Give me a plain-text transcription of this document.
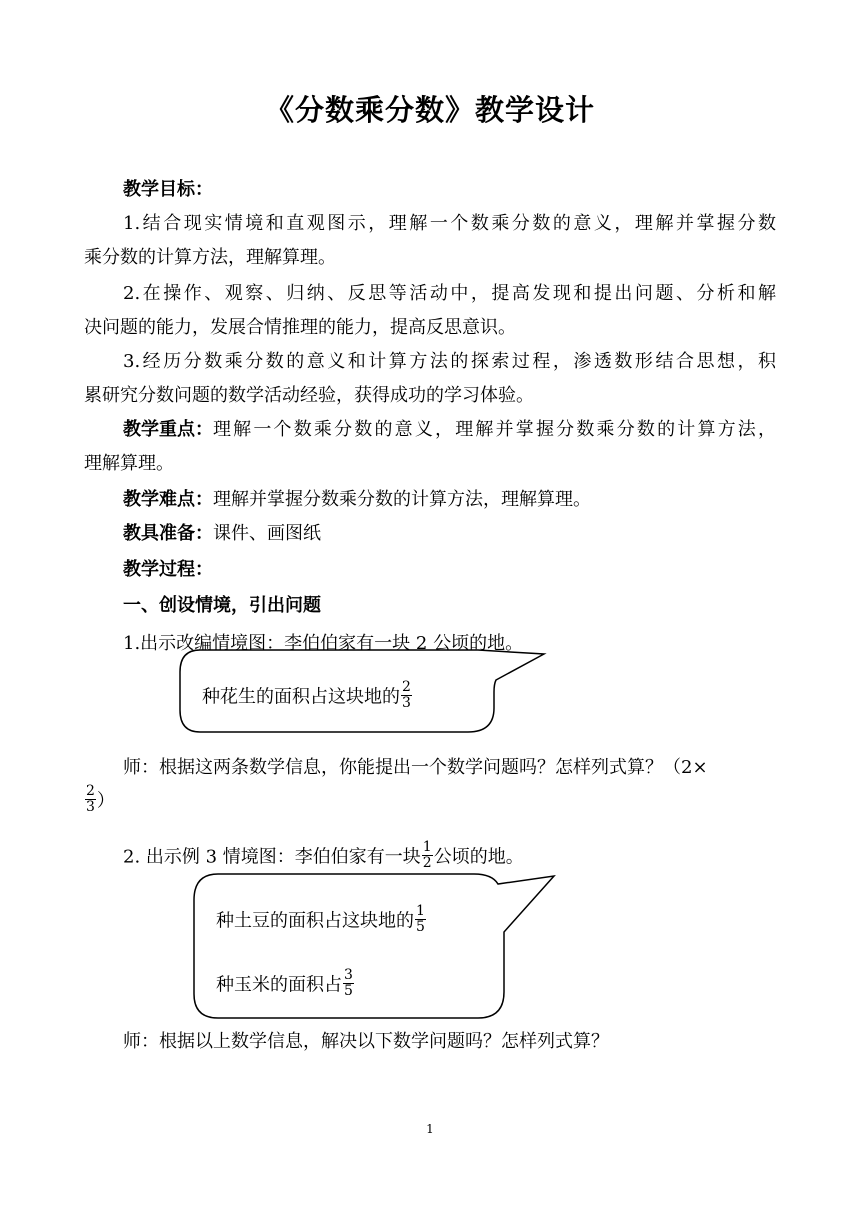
《分数乘分数》教学设计
教学目标：
1.结合现实情境和直观图示，理解一个数乘分数的意义，理解并掌握分数
乘分数的计算方法，理解算理。
2.在操作、观察、归纳、反思等活动中，提高发现和提出问题、分析和解
决问题的能力，发展合情推理的能力，提高反思意识。
3.经历分数乘分数的意义和计算方法的探索过程，渗透数形结合思想，积
累研究分数问题的数学活动经验，获得成功的学习体验。
教学重点： 理解一个数乘分数的意义，理解并掌握分数乘分数的计算方法，
理解算理。
教学难点：理解并掌握分数乘分数的计算方法，理解算理。
教具准备：课件、画图纸
教学过程：
一、创设情境，引出问题
1.出示改编情境图：李伯伯家有一块 2 公顷的地。
种花生的面积占这块地的 $\frac{2}{3}$
师：根据这两条数学信息，你能提出一个数学问题吗？怎样列式算？（2×
$\frac{2}{3}$ ）
2. 出示例 3 情境图：李伯伯家有一块 $\frac{1}{2}$ 公顷的地。
种土豆的面积占这块地的 $\frac{1}{5}$
种玉米的面积占 $\frac{3}{5}$
师：根据以上数学信息，解决以下数学问题吗？怎样列式算？
1
